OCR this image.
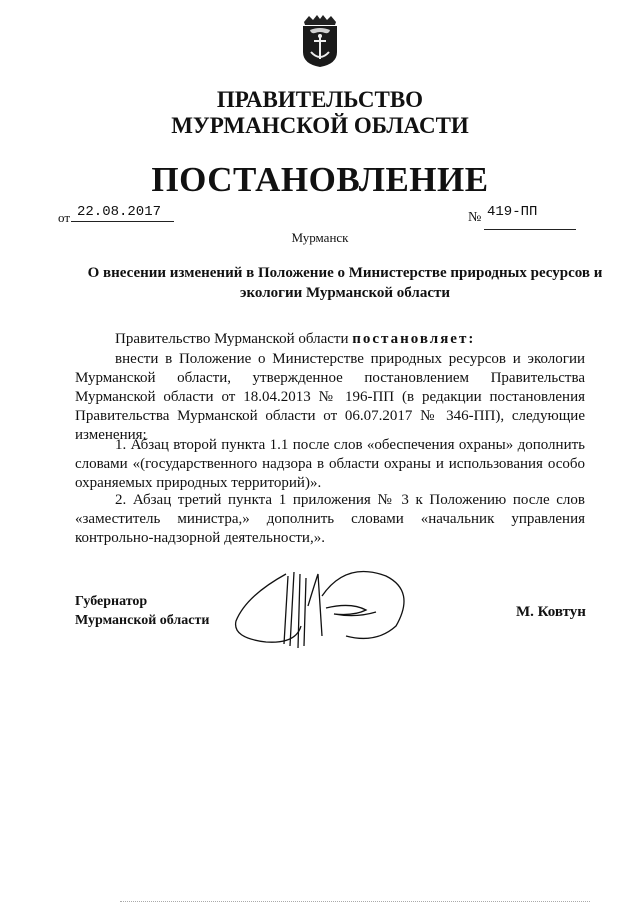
ПРАВИТЕЛЬСТВО
МУРМАНСКОЙ ОБЛАСТИ
ПОСТАНОВЛЕНИЕ
от 22.08.2017	№ 419-ПП
Мурманск
О внесении изменений в Положение о Министерстве природных ресурсов и экологии Мурманской области
Правительство Мурманской области постановляет:
внести в Положение о Министерстве природных ресурсов и экологии Мурманской области, утвержденное постановлением Правительства Мурманской области от 18.04.2013 № 196-ПП (в редакции постановления Правительства Мурманской области от 06.07.2017 № 346-ПП), следующие изменения:
1. Абзац второй пункта 1.1 после слов «обеспечения охраны» дополнить словами «(государственного надзора в области охраны и использования особо охраняемых природных территорий)».
2. Абзац третий пункта 1 приложения № 3 к Положению после слов «заместитель министра,» дополнить словами «начальник управления контрольно-надзорной деятельности,».
Губернатор
Мурманской области
М. Ковтун
